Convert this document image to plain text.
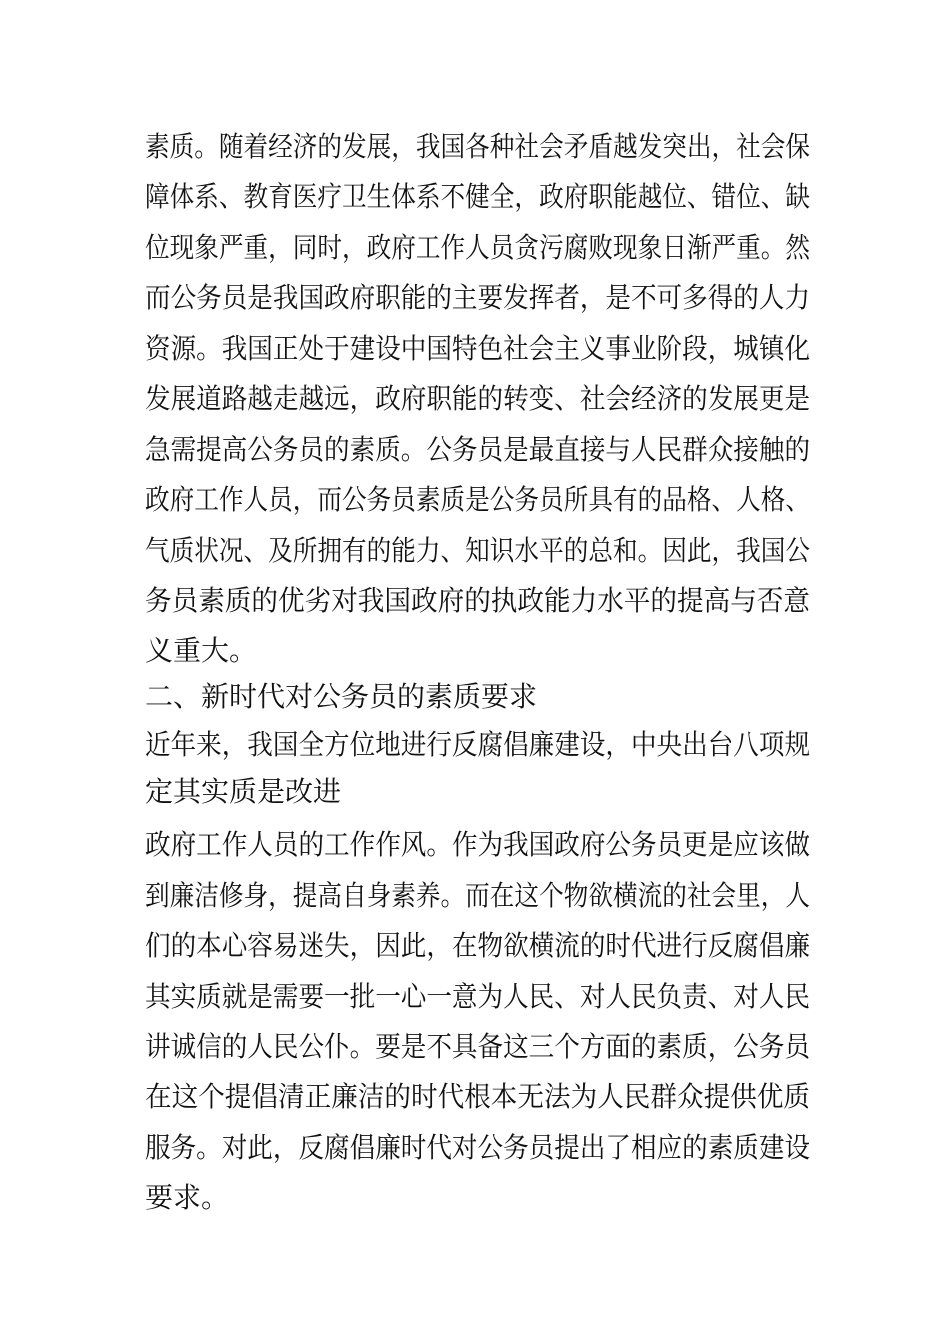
素质。随着经济的发展，我国各种社会矛盾越发突出，社会保
障体系、教育医疗卫生体系不健全，政府职能越位、错位、缺
位现象严重，同时，政府工作人员贪污腐败现象日渐严重。然
而公务员是我国政府职能的主要发挥者，是不可多得的人力
资源。我国正处于建设中国特色社会主义事业阶段，城镇化
发展道路越走越远，政府职能的转变、社会经济的发展更是
急需提高公务员的素质。公务员是最直接与人民群众接触的
政府工作人员，而公务员素质是公务员所具有的品格、人格、
气质状况、及所拥有的能力、知识水平的总和。因此，我国公
务员素质的优劣对我国政府的执政能力水平的提高与否意
义重大。
二、新时代对公务员的素质要求
近年来，我国全方位地进行反腐倡廉建设，中央出台八项规
定其实质是改进
政府工作人员的工作作风。作为我国政府公务员更是应该做
到廉洁修身，提高自身素养。而在这个物欲横流的社会里，人
们的本心容易迷失，因此，在物欲横流的时代进行反腐倡廉
其实质就是需要一批一心一意为人民、对人民负责、对人民
讲诚信的人民公仆。要是不具备这三个方面的素质，公务员
在这个提倡清正廉洁的时代根本无法为人民群众提供优质
服务。对此，反腐倡廉时代对公务员提出了相应的素质建设
要求。
